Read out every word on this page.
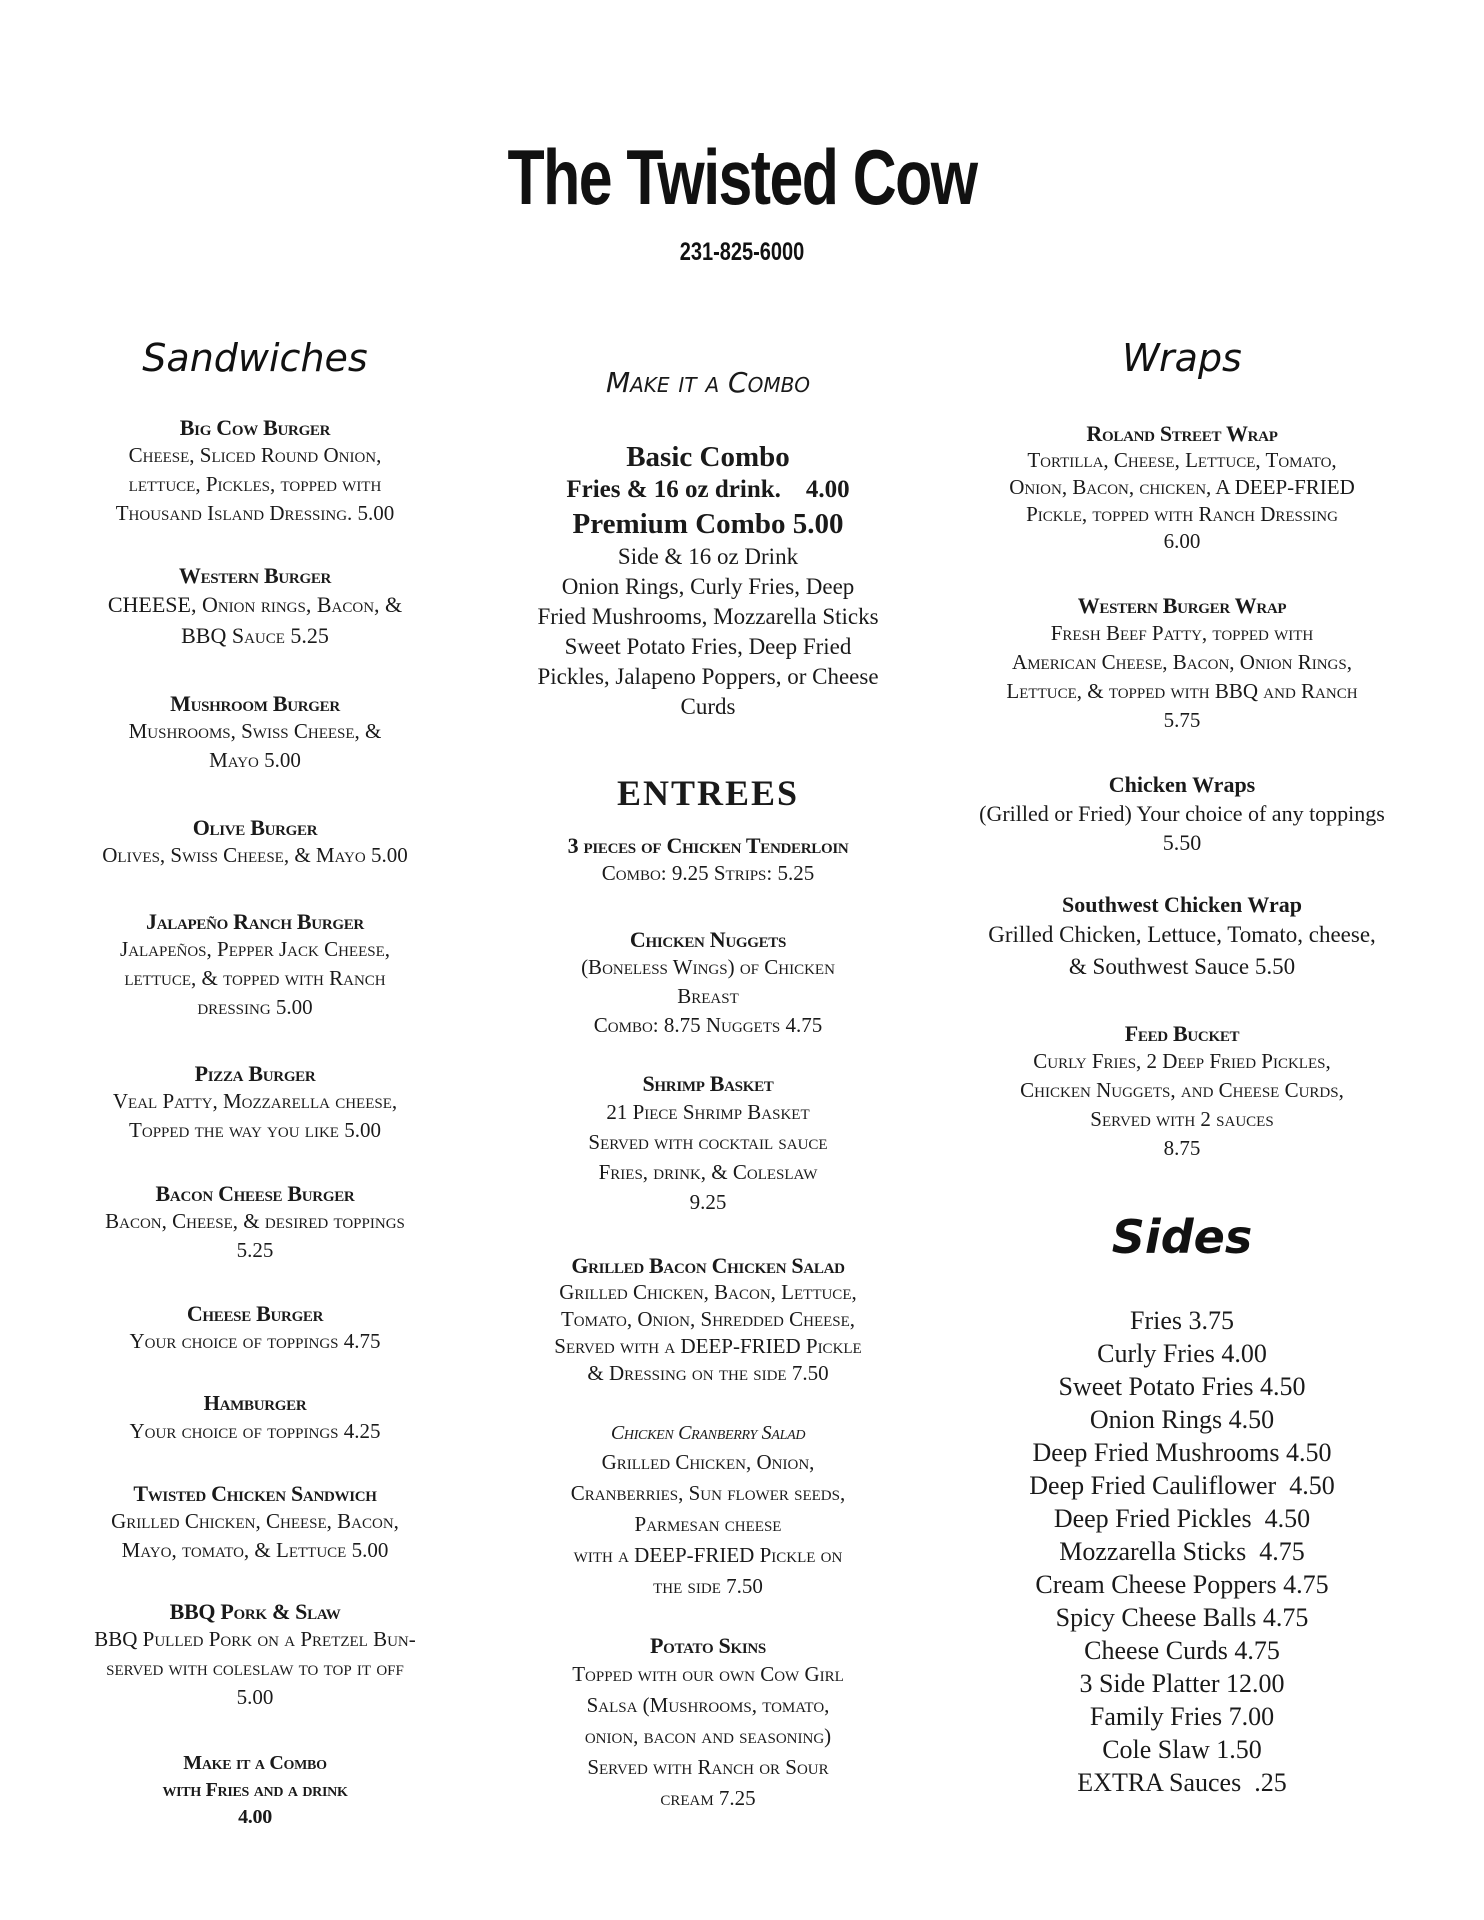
The Twisted Cow
231-825-6000
Sandwiches
Big Cow Burger
Cheese, Sliced Round Onion,
lettuce, Pickles, topped with
Thousand Island Dressing. 5.00
Western Burger
CHEESE, Onion rings, Bacon, &
BBQ Sauce 5.25
Mushroom Burger
Mushrooms, Swiss Cheese, &
Mayo 5.00
Olive Burger
Olives, Swiss Cheese, & Mayo 5.00
Jalapeño Ranch Burger
Jalapeños, Pepper Jack Cheese,
lettuce, & topped with Ranch
dressing 5.00
Pizza Burger
Veal Patty, Mozzarella cheese,
Topped the way you like 5.00
Bacon Cheese Burger
Bacon, Cheese, & desired toppings
5.25
Cheese Burger
Your choice of toppings 4.75
Hamburger
Your choice of toppings 4.25
Twisted Chicken Sandwich
Grilled Chicken, Cheese, Bacon,
Mayo, tomato, & Lettuce 5.00
BBQ Pork & Slaw
BBQ Pulled Pork on a Pretzel Bun-
served with coleslaw to top it off
5.00
Make it a Combo
with Fries and a drink
4.00
Make it a Combo
Basic Combo
Fries & 16 oz drink.    4.00
Premium Combo 5.00
Side & 16 oz Drink
Onion Rings, Curly Fries, Deep
Fried Mushrooms, Mozzarella Sticks
Sweet Potato Fries, Deep Fried
Pickles, Jalapeno Poppers, or Cheese
Curds
ENTREES
3 pieces of Chicken Tenderloin
Combo: 9.25 Strips: 5.25
Chicken Nuggets
(Boneless Wings) of Chicken
Breast
Combo: 8.75 Nuggets 4.75
Shrimp Basket
21 Piece Shrimp Basket
Served with cocktail sauce
Fries, drink, & Coleslaw
9.25
Grilled Bacon Chicken Salad
Grilled Chicken, Bacon, Lettuce,
Tomato, Onion, Shredded Cheese,
Served with a DEEP-FRIED Pickle
& Dressing on the side 7.50
Chicken Cranberry Salad
Grilled Chicken, Onion,
Cranberries, Sun flower seeds,
Parmesan cheese
with a DEEP-FRIED Pickle on
the side 7.50
Potato Skins
Topped with our own Cow Girl
Salsa (Mushrooms, tomato,
onion, bacon and seasoning)
Served with Ranch or Sour
cream 7.25
Wraps
Roland Street Wrap
Tortilla, Cheese, Lettuce, Tomato,
Onion, Bacon, chicken, A DEEP-FRIED
Pickle, topped with Ranch Dressing
6.00
Western Burger Wrap
Fresh Beef Patty, topped with
American Cheese, Bacon, Onion Rings,
Lettuce, & topped with BBQ and Ranch
5.75
Chicken Wraps
(Grilled or Fried) Your choice of any toppings
5.50
Southwest Chicken Wrap
Grilled Chicken, Lettuce, Tomato, cheese,
& Southwest Sauce 5.50
Feed Bucket
Curly Fries, 2 Deep Fried Pickles,
Chicken Nuggets, and Cheese Curds,
Served with 2 sauces
8.75
Sides
Fries 3.75
Curly Fries 4.00
Sweet Potato Fries 4.50
Onion Rings 4.50
Deep Fried Mushrooms 4.50
Deep Fried Cauliflower  4.50
Deep Fried Pickles  4.50
Mozzarella Sticks  4.75
Cream Cheese Poppers 4.75
Spicy Cheese Balls 4.75
Cheese Curds 4.75
3 Side Platter 12.00
Family Fries 7.00
Cole Slaw 1.50
EXTRA Sauces  .25
